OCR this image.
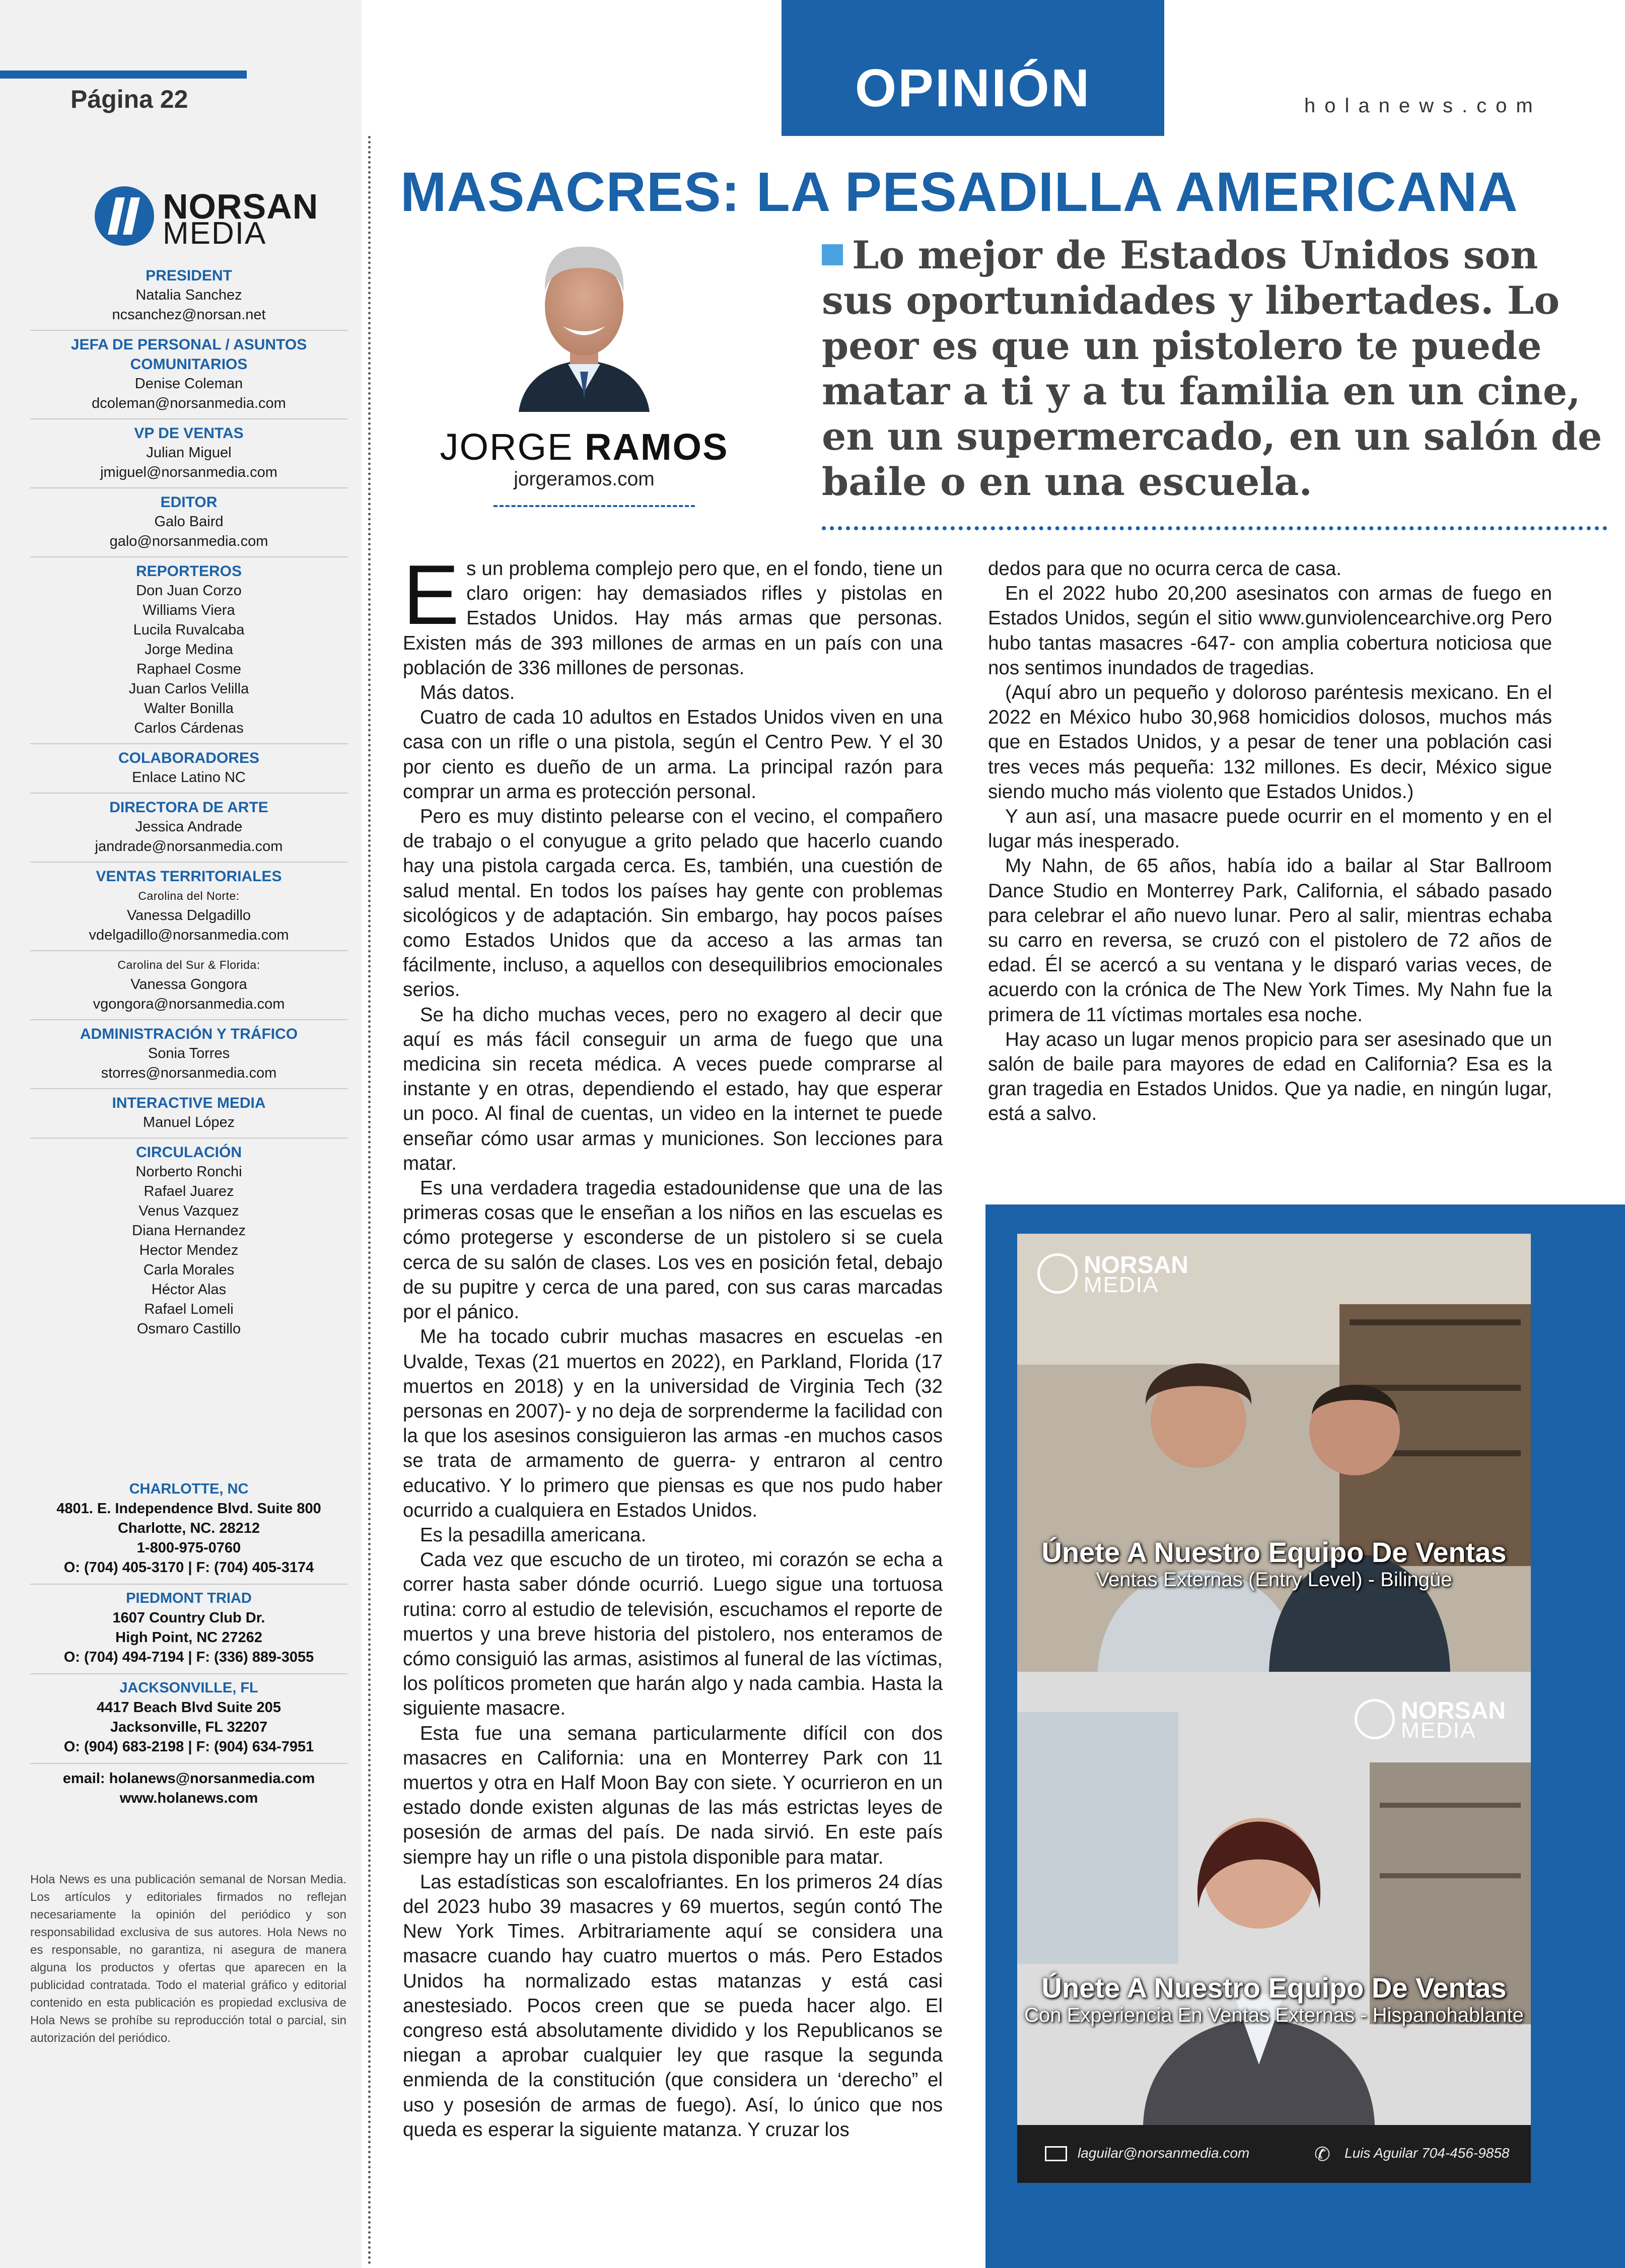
Página 22
NORSAN
MEDIA
PRESIDENT
Natalia Sanchez
ncsanchez@norsan.net
JEFA DE PERSONAL / ASUNTOS COMUNITARIOS
Denise Coleman
dcoleman@norsanmedia.com
VP DE VENTAS
Julian Miguel
jmiguel@norsanmedia.com
EDITOR
Galo Baird
galo@norsanmedia.com
REPORTEROS
Don Juan Corzo
Williams Viera
Lucila Ruvalcaba
Jorge Medina
Raphael Cosme
Juan Carlos Velilla
Walter Bonilla
Carlos Cárdenas
COLABORADORES
Enlace Latino NC
DIRECTORA DE ARTE
Jessica Andrade
jandrade@norsanmedia.com
VENTAS TERRITORIALES
Carolina del Norte:
Vanessa Delgadillo
vdelgadillo@norsanmedia.com
Carolina del Sur & Florida:
Vanessa Gongora
vgongora@norsanmedia.com
ADMINISTRACIÓN Y TRÁFICO
Sonia Torres
storres@norsanmedia.com
INTERACTIVE MEDIA
Manuel López
CIRCULACIÓN
Norberto Ronchi
Rafael Juarez
Venus Vazquez
Diana Hernandez
Hector Mendez
Carla Morales
Héctor Alas
Rafael Lomeli
Osmaro Castillo
CHARLOTTE, NC
4801. E. Independence Blvd. Suite 800
Charlotte, NC. 28212
1-800-975-0760
O: (704) 405-3170 | F: (704) 405-3174
PIEDMONT TRIAD
1607 Country Club Dr.
High Point, NC 27262
O: (704) 494-7194 | F: (336) 889-3055
JACKSONVILLE, FL
4417 Beach Blvd Suite 205
Jacksonville, FL 32207
O: (904) 683-2198 | F: (904) 634-7951
email: holanews@norsanmedia.com
www.holanews.com
Hola News es una publicación semanal de Norsan Media. Los artículos y editoriales firmados no reflejan necesariamente la opinión del periódico y son responsabilidad exclusiva de sus autores. Hola News no es responsable, no garantiza, ni asegura de manera alguna los productos y ofertas que aparecen en la publicidad contratada. Todo el material gráfico y editorial contenido en esta publicación es propiedad exclusiva de Hola News se prohíbe su reproducción total o parcial, sin autorización del periódico.
OPINIÓN	holanews.com
MASACRES: LA PESADILLA AMERICANA
JORGE RAMOS
jorgeramos.com
Lo mejor de Estados Unidos son sus oportunidades y libertades. Lo peor es que un pistolero te puede matar a ti y a tu familia en un cine, en un supermercado, en un salón de baile o en una escuela.

Es un problema complejo pero que, en el fondo, tiene un claro origen: hay demasiados rifles y pistolas en Estados Unidos. Hay más armas que personas. Existen más de 393 millones de armas en un país con una población de 336 millones de personas.

Más datos.

Cuatro de cada 10 adultos en Estados Unidos viven en una casa con un rifle o una pistola, según el Centro Pew. Y el 30 por ciento es dueño de un arma. La principal razón para comprar un arma es protección personal.

Pero es muy distinto pelearse con el vecino, el compañero de trabajo o el conyugue a grito pelado que hacerlo cuando hay una pistola cargada cerca. Es, también, una cuestión de salud mental. En todos los países hay gente con problemas sicológicos y de adaptación. Sin embargo, hay pocos países como Estados Unidos que da acceso a las armas tan fácilmente, incluso, a aquellos con desequilibrios emocionales serios.

Se ha dicho muchas veces, pero no exagero al decir que aquí es más fácil conseguir un arma de fuego que una medicina sin receta médica. A veces puede comprarse al instante y en otras, dependiendo el estado, hay que esperar un poco. Al final de cuentas, un video en la internet te puede enseñar cómo usar armas y municiones. Son lecciones para matar.

Es una verdadera tragedia estadounidense que una de las primeras cosas que le enseñan a los niños en las escuelas es cómo protegerse y esconderse de un pistolero si se cuela cerca de su salón de clases. Los ves en posición fetal, debajo de su pupitre y cerca de una pared, con sus caras marcadas por el pánico.

Me ha tocado cubrir muchas masacres en escuelas -en Uvalde, Texas (21 muertos en 2022), en Parkland, Florida (17 muertos en 2018) y en la universidad de Virginia Tech (32 personas en 2007)- y no deja de sorprenderme la facilidad con la que los asesinos consiguieron las armas -en muchos casos se trata de armamento de guerra- y entraron al centro educativo. Y lo primero que piensas es que nos pudo haber ocurrido a cualquiera en Estados Unidos.

Es la pesadilla americana.

Cada vez que escucho de un tiroteo, mi corazón se echa a correr hasta saber dónde ocurrió. Luego sigue una tortuosa rutina: corro al estudio de televisión, escuchamos el reporte de muertos y una breve historia del pistolero, nos enteramos de cómo consiguió las armas, asistimos al funeral de las víctimas, los políticos prometen que harán algo y nada cambia. Hasta la siguiente masacre.

Esta fue una semana particularmente difícil con dos masacres en California: una en Monterrey Park con 11 muertos y otra en Half Moon Bay con siete. Y ocurrieron en un estado donde existen algunas de las más estrictas leyes de posesión de armas del país. De nada sirvió. En este país siempre hay un rifle o una pistola disponible para matar.

Las estadísticas son escalofriantes. En los primeros 24 días del 2023 hubo 39 masacres y 69 muertos, según contó The New York Times. Arbitrariamente aquí se considera una masacre cuando hay cuatro muertos o más. Pero Estados Unidos ha normalizado estas matanzas y está casi anestesiado. Pocos creen que se pueda hacer algo. El congreso está absolutamente dividido y los Republicanos se niegan a aprobar cualquier ley que rasque la segunda enmienda de la constitución (que considera un ‘derecho” el uso y posesión de armas de fuego). Así, lo único que nos queda es esperar la siguiente matanza. Y cruzar los

dedos para que no ocurra cerca de casa.

En el 2022 hubo 20,200 asesinatos con armas de fuego en Estados Unidos, según el sitio www.gunviolencearchive.org Pero hubo tantas masacres -647- con amplia cobertura noticiosa que nos sentimos inundados de tragedias.

(Aquí abro un pequeño y doloroso paréntesis mexicano. En el 2022 en México hubo 30,968 homicidios dolosos, muchos más que en Estados Unidos, y a pesar de tener una población casi tres veces más pequeña: 132 millones. Es decir, México sigue siendo mucho más violento que Estados Unidos.)

Y aun así, una masacre puede ocurrir en el momento y en el lugar más inesperado.

My Nahn, de 65 años, había ido a bailar al Star Ballroom Dance Studio en Monterrey Park, California, el sábado pasado para celebrar el año nuevo lunar. Pero al salir, mientras echaba su carro en reversa, se cruzó con el pistolero de 72 años de edad. Él se acercó a su ventana y le disparó varias veces, de acuerdo con la crónica de The New York Times. My Nahn fue la primera de 11 víctimas mortales esa noche.

Hay acaso un lugar menos propicio para ser asesinado que un salón de baile para mayores de edad en California? Esa es la gran tragedia en Estados Unidos. Que ya nadie, en ningún lugar, está a salvo.

NORSAN
MEDIA
Únete A Nuestro Equipo De Ventas
Ventas Externas (Entry Level) - Bilingüe
NORSAN
MEDIA
Únete A Nuestro Equipo De Ventas
Con Experiencia En Ventas Externas - Hispanohablante
laguilar@norsanmedia.com	✆ Luis Aguilar 704-456-9858
